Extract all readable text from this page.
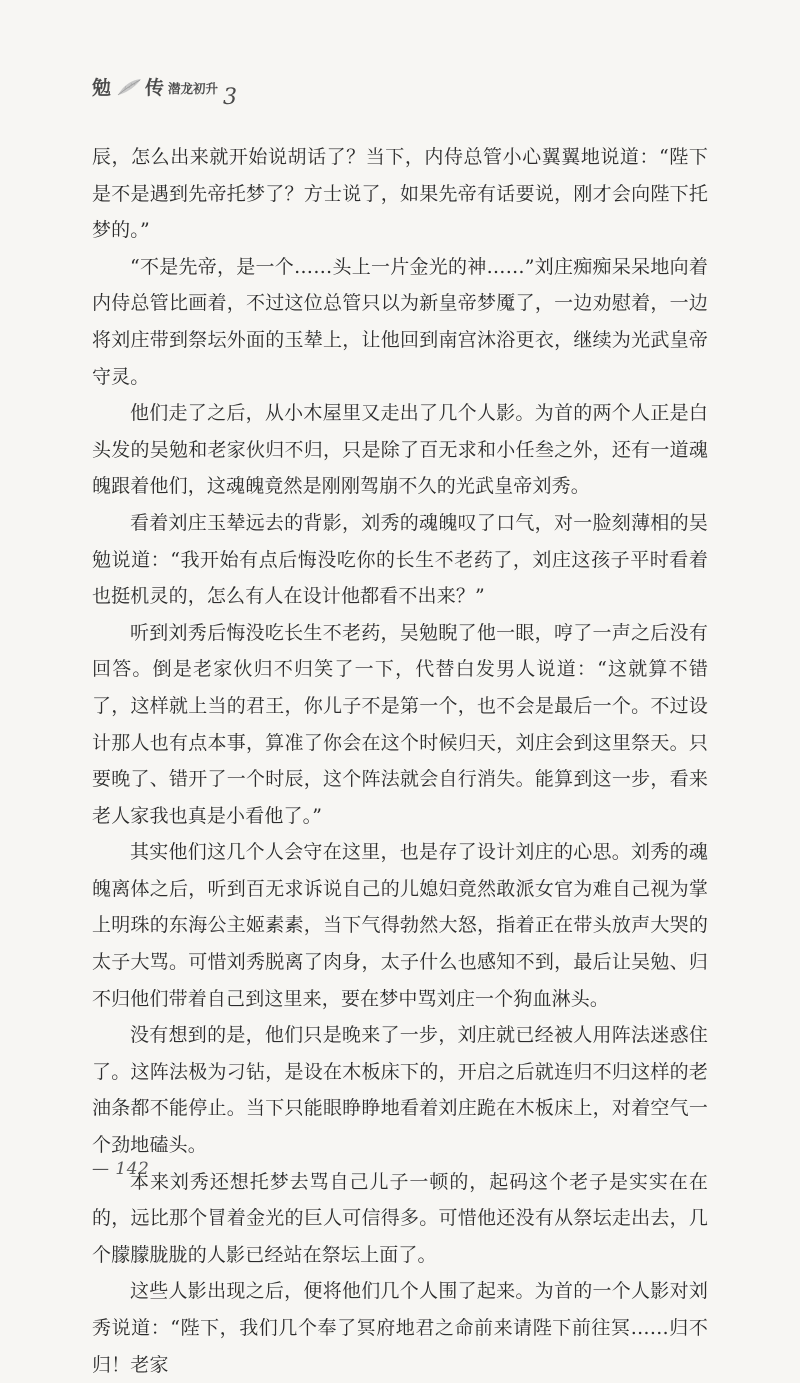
勉 传 潜龙初升 3

辰，怎么出来就开始说胡话了？当下，内侍总管小心翼翼地说道：“陛下是不是遇到先帝托梦了？方士说了，如果先帝有话要说，刚才会向陛下托梦的。”

“不是先帝，是一个……头上一片金光的神……”刘庄痴痴呆呆地向着内侍总管比画着，不过这位总管只以为新皇帝梦魇了，一边劝慰着，一边将刘庄带到祭坛外面的玉辇上，让他回到南宫沐浴更衣，继续为光武皇帝守灵。

他们走了之后，从小木屋里又走出了几个人影。为首的两个人正是白头发的吴勉和老家伙归不归，只是除了百无求和小任叁之外，还有一道魂魄跟着他们，这魂魄竟然是刚刚驾崩不久的光武皇帝刘秀。

看着刘庄玉辇远去的背影，刘秀的魂魄叹了口气，对一脸刻薄相的吴勉说道：“我开始有点后悔没吃你的长生不老药了，刘庄这孩子平时看着也挺机灵的，怎么有人在设计他都看不出来？”

听到刘秀后悔没吃长生不老药，吴勉睨了他一眼，哼了一声之后没有回答。倒是老家伙归不归笑了一下，代替白发男人说道：“这就算不错了，这样就上当的君王，你儿子不是第一个，也不会是最后一个。不过设计那人也有点本事，算准了你会在这个时候归天，刘庄会到这里祭天。只要晚了、错开了一个时辰，这个阵法就会自行消失。能算到这一步，看来老人家我也真是小看他了。”

其实他们这几个人会守在这里，也是存了设计刘庄的心思。刘秀的魂魄离体之后，听到百无求诉说自己的儿媳妇竟然敢派女官为难自己视为掌上明珠的东海公主姬素素，当下气得勃然大怒，指着正在带头放声大哭的太子大骂。可惜刘秀脱离了肉身，太子什么也感知不到，最后让吴勉、归不归他们带着自己到这里来，要在梦中骂刘庄一个狗血淋头。

没有想到的是，他们只是晚来了一步，刘庄就已经被人用阵法迷惑住了。这阵法极为刁钻，是设在木板床下的，开启之后就连归不归这样的老油条都不能停止。当下只能眼睁睁地看着刘庄跪在木板床上，对着空气一个劲地磕头。

本来刘秀还想托梦去骂自己儿子一顿的，起码这个老子是实实在在的，远比那个冒着金光的巨人可信得多。可惜他还没有从祭坛走出去，几个朦朦胧胧的人影已经站在祭坛上面了。

这些人影出现之后，便将他们几个人围了起来。为首的一个人影对刘秀说道：“陛下，我们几个奉了冥府地君之命前来请陛下前往冥……归不归！老家

— 142
